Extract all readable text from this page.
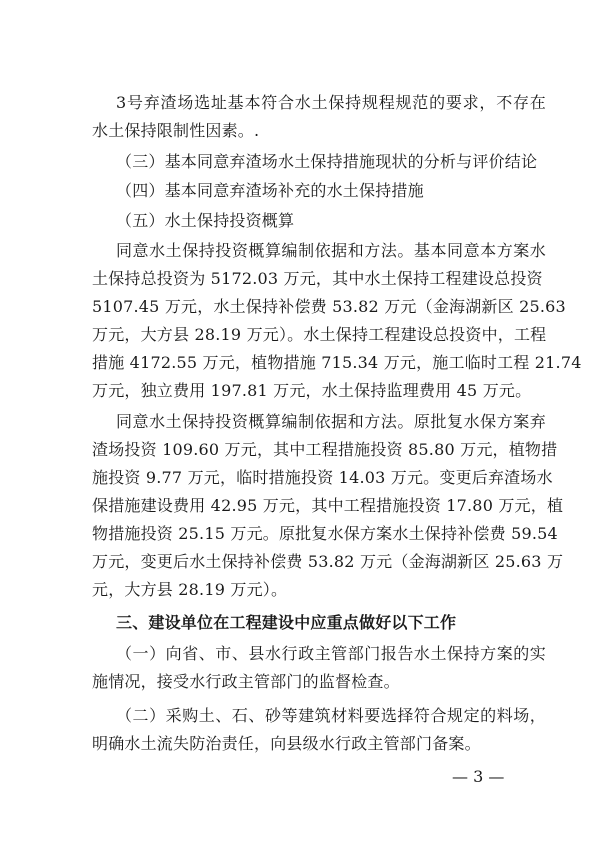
3号弃渣场选址基本符合水土保持规程规范的要求，不存在
水土保持限制性因素。.
（三）基本同意弃渣场水土保持措施现状的分析与评价结论
（四）基本同意弃渣场补充的水土保持措施
（五）水土保持投资概算
同意水土保持投资概算编制依据和方法。基本同意本方案水
土保持总投资为 5172.03 万元，其中水土保持工程建设总投资
5107.45 万元，水土保持补偿费 53.82 万元（金海湖新区 25.63
万元，大方县 28.19 万元）。水土保持工程建设总投资中，工程
措施 4172.55 万元，植物措施 715.34 万元，施工临时工程 21.74
万元，独立费用 197.81 万元，水土保持监理费用 45 万元。
同意水土保持投资概算编制依据和方法。原批复水保方案弃
渣场投资 109.60 万元，其中工程措施投资 85.80 万元，植物措
施投资 9.77 万元，临时措施投资 14.03 万元。变更后弃渣场水
保措施建设费用 42.95 万元，其中工程措施投资 17.80 万元，植
物措施投资 25.15 万元。原批复水保方案水土保持补偿费 59.54
万元，变更后水土保持补偿费 53.82 万元（金海湖新区 25.63 万
元，大方县 28.19 万元）。
三、建设单位在工程建设中应重点做好以下工作
（一）向省、市、县水行政主管部门报告水土保持方案的实
施情况，接受水行政主管部门的监督检查。
（二）采购土、石、砂等建筑材料要选择符合规定的料场，
明确水土流失防治责任，向县级水行政主管部门备案。
— 3 —
